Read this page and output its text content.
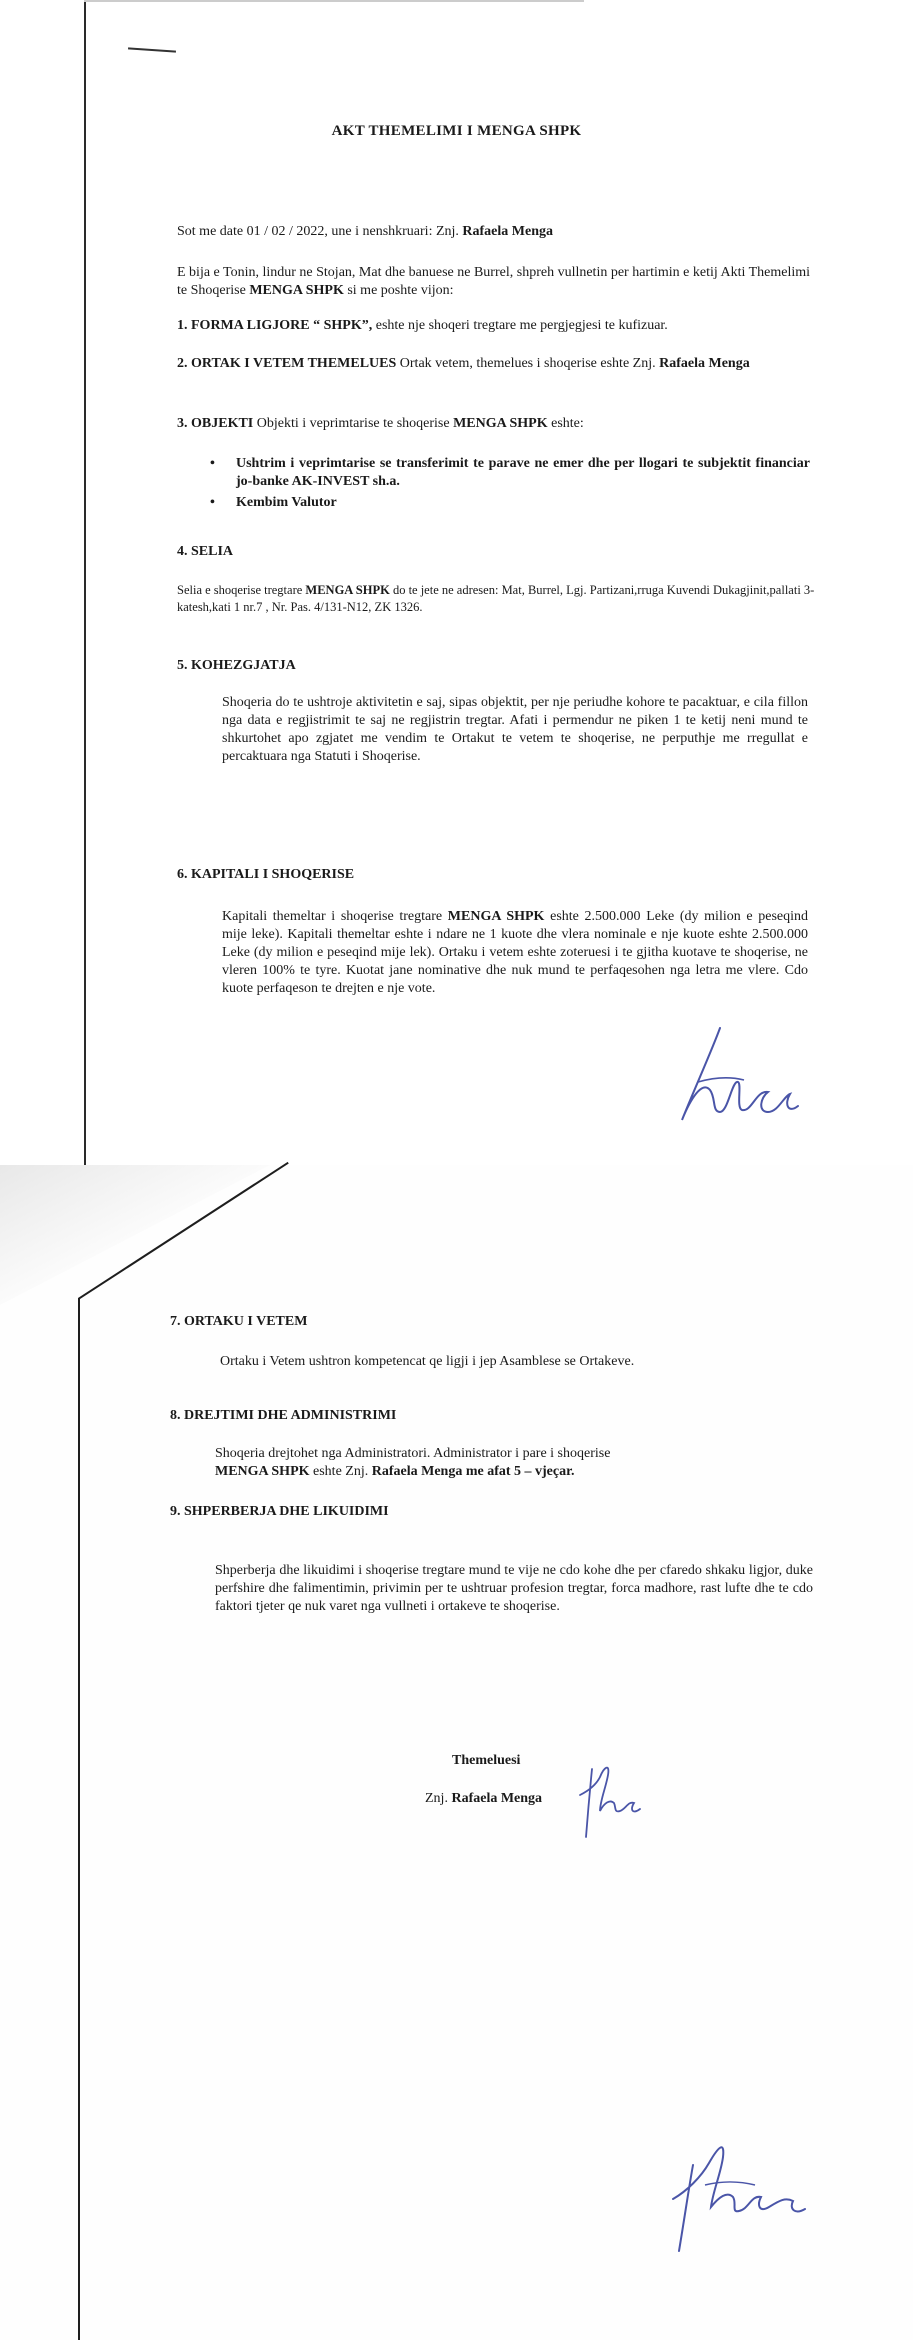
AKT THEMELIMI I MENGA SHPK
Sot me date 01 / 02 / 2022, une i nenshkruari: Znj. Rafaela Menga
E bija e Tonin, lindur ne Stojan, Mat dhe banuese ne Burrel, shpreh vullnetin per hartimin e ketij Akti Themelimi te Shoqerise MENGA SHPK si me poshte vijon:
1. FORMA LIGJORE “ SHPK”, eshte nje shoqeri tregtare me pergjegjesi te kufizuar.
2. ORTAK I VETEM THEMELUES Ortak vetem, themelues i shoqerise eshte Znj. Rafaela Menga
3. OBJEKTI Objekti i veprimtarise te shoqerise MENGA SHPK eshte:
• Ushtrim i veprimtarise se transferimit te parave ne emer dhe per llogari te subjektit financiar jo-banke AK-INVEST sh.a.
• Kembim Valutor
4. SELIA
Selia e shoqerise tregtare MENGA SHPK do te jete ne adresen: Mat, Burrel, Lgj. Partizani,rruga Kuvendi Dukagjinit,pallati 3-katesh,kati 1 nr.7 , Nr. Pas. 4/131-N12, ZK 1326.
5. KOHEZGJATJA
Shoqeria do te ushtroje aktivitetin e saj, sipas objektit, per nje periudhe kohore te pacaktuar, e cila fillon nga data e regjistrimit te saj ne regjistrin tregtar. Afati i permendur ne piken 1 te ketij neni mund te shkurtohet apo zgjatet me vendim te Ortakut te vetem te shoqerise, ne perputhje me rregullat e percaktuara nga Statuti i Shoqerise.
6. KAPITALI I SHOQERISE
Kapitali themeltar i shoqerise tregtare MENGA SHPK eshte 2.500.000 Leke (dy milion e peseqind mije leke). Kapitali themeltar eshte i ndare ne 1 kuote dhe vlera nominale e nje kuote eshte 2.500.000 Leke (dy milion e peseqind mije lek). Ortaku i vetem eshte zoteruesi i te gjitha kuotave te shoqerise, ne vleren 100% te tyre. Kuotat jane nominative dhe nuk mund te perfaqesohen nga letra me vlere. Cdo kuote perfaqeson te drejten e nje vote.
7. ORTAKU I VETEM
Ortaku i Vetem ushtron kompetencat qe ligji i jep Asamblese se Ortakeve.
8. DREJTIMI DHE ADMINISTRIMI
Shoqeria drejtohet nga Administratori. Administrator i pare i shoqerise
MENGA SHPK eshte Znj. Rafaela Menga me afat 5 – vjeçar.
9. SHPERBERJA DHE LIKUIDIMI
Shperberja dhe likuidimi i shoqerise tregtare mund te vije ne cdo kohe dhe per cfaredo shkaku ligjor, duke perfshire dhe falimentimin, privimin per te ushtruar profesion tregtar, forca madhore, rast lufte dhe te cdo faktori tjeter qe nuk varet nga vullneti i ortakeve te shoqerise.
Themeluesi
Znj. Rafaela Menga
